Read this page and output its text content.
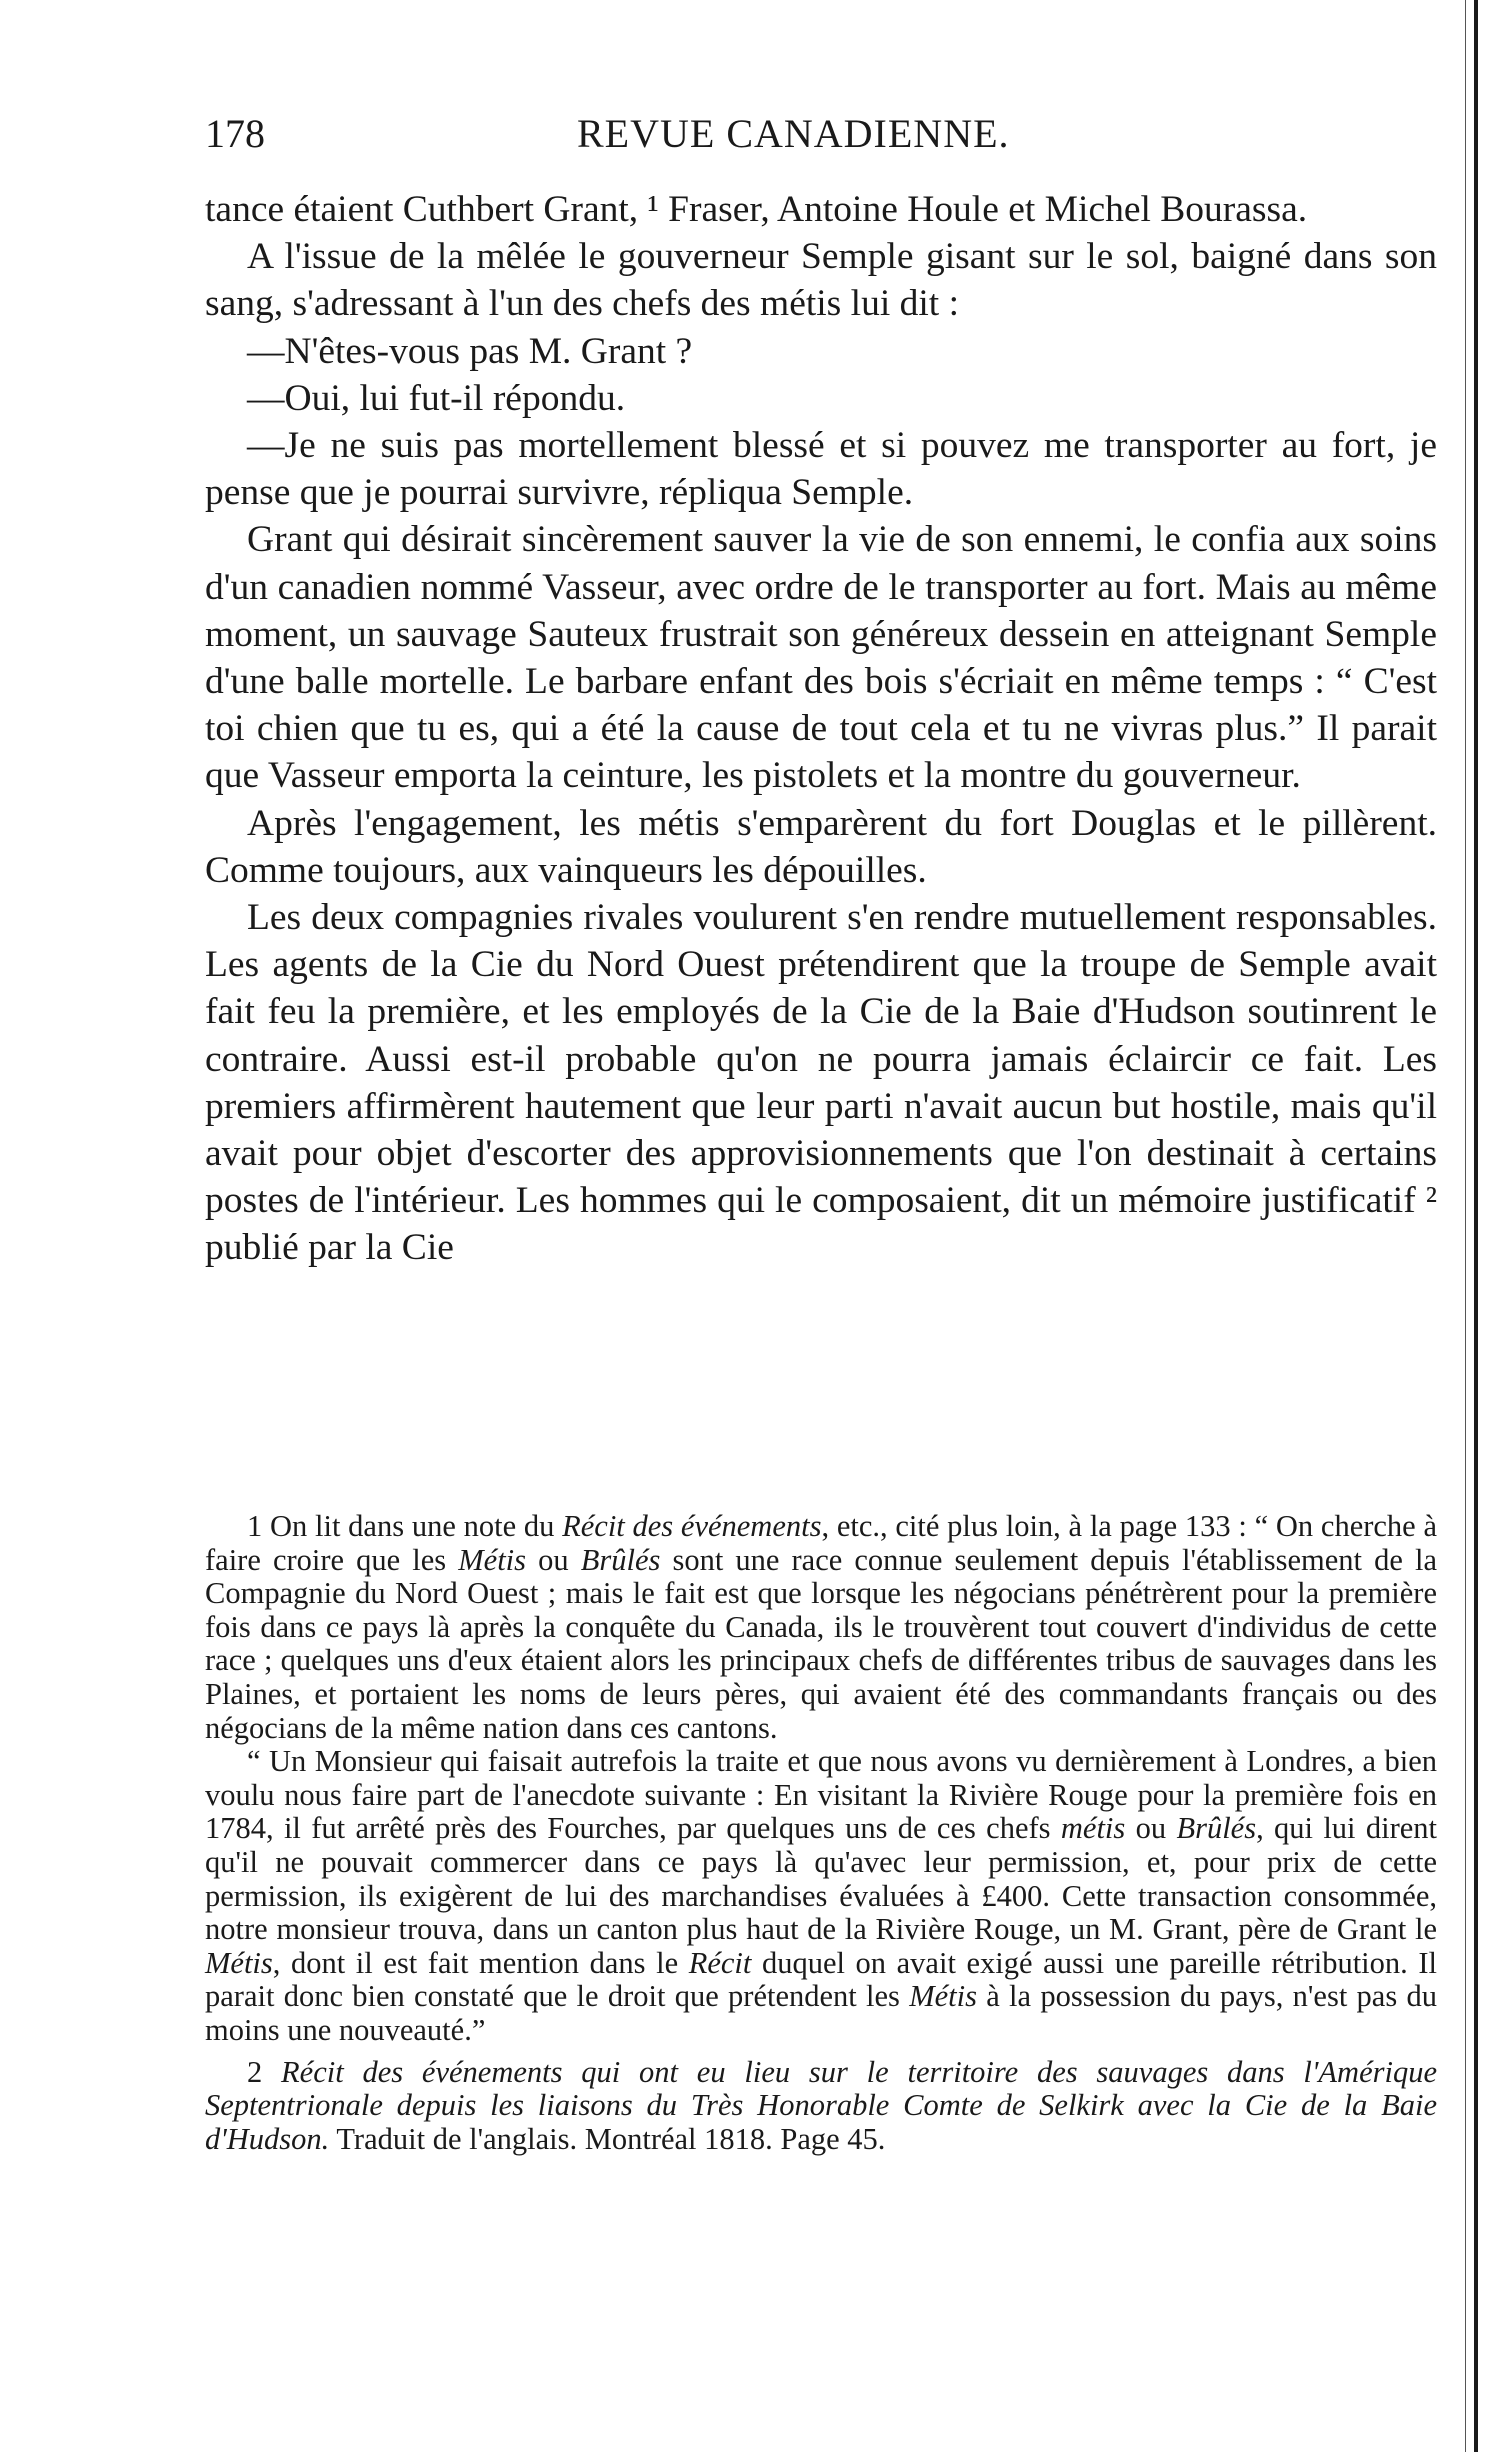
178	REVUE CANADIENNE.

tance étaient Cuthbert Grant, ¹ Fraser, Antoine Houle et Michel Bourassa.

A l'issue de la mêlée le gouverneur Semple gisant sur le sol, baigné dans son sang, s'adressant à l'un des chefs des métis lui dit :

—N'êtes-vous pas M. Grant ?

—Oui, lui fut-il répondu.

—Je ne suis pas mortellement blessé et si pouvez me transporter au fort, je pense que je pourrai survivre, répliqua Semple.

Grant qui désirait sincèrement sauver la vie de son ennemi, le confia aux soins d'un canadien nommé Vasseur, avec ordre de le transporter au fort. Mais au même moment, un sauvage Sauteux frustrait son généreux dessein en atteignant Semple d'une balle mortelle. Le barbare enfant des bois s'écriait en même temps : “ C'est toi chien que tu es, qui a été la cause de tout cela et tu ne vivras plus.” Il parait que Vasseur emporta la ceinture, les pistolets et la montre du gouverneur.

Après l'engagement, les métis s'emparèrent du fort Douglas et le pillèrent. Comme toujours, aux vainqueurs les dépouilles.

Les deux compagnies rivales voulurent s'en rendre mutuellement responsables. Les agents de la Cie du Nord Ouest prétendirent que la troupe de Semple avait fait feu la première, et les employés de la Cie de la Baie d'Hudson soutinrent le contraire. Aussi est-il probable qu'on ne pourra jamais éclaircir ce fait. Les premiers affirmèrent hautement que leur parti n'avait aucun but hostile, mais qu'il avait pour objet d'escorter des approvisionnements que l'on destinait à certains postes de l'intérieur. Les hommes qui le composaient, dit un mémoire justificatif ² publié par la Cie

1 On lit dans une note du Récit des événements, etc., cité plus loin, à la page 133 : “ On cherche à faire croire que les Métis ou Brûlés sont une race connue seulement depuis l'établissement de la Compagnie du Nord Ouest ; mais le fait est que lorsque les négocians pénétrèrent pour la première fois dans ce pays là après la conquête du Canada, ils le trouvèrent tout couvert d'individus de cette race ; quelques uns d'eux étaient alors les principaux chefs de différentes tribus de sauvages dans les Plaines, et portaient les noms de leurs pères, qui avaient été des commandants français ou des négocians de la même nation dans ces cantons.

“ Un Monsieur qui faisait autrefois la traite et que nous avons vu dernièrement à Londres, a bien voulu nous faire part de l'anecdote suivante : En visitant la Rivière Rouge pour la première fois en 1784, il fut arrêté près des Fourches, par quelques uns de ces chefs métis ou Brûlés, qui lui dirent qu'il ne pouvait commercer dans ce pays là qu'avec leur permission, et, pour prix de cette permission, ils exigèrent de lui des marchandises évaluées à £400. Cette transaction consommée, notre monsieur trouva, dans un canton plus haut de la Rivière Rouge, un M. Grant, père de Grant le Métis, dont il est fait mention dans le Récit duquel on avait exigé aussi une pareille rétribution. Il parait donc bien constaté que le droit que prétendent les Métis à la possession du pays, n'est pas du moins une nouveauté.”

2 Récit des événements qui ont eu lieu sur le territoire des sauvages dans l'Amérique Septentrionale depuis les liaisons du Très Honorable Comte de Selkirk avec la Cie de la Baie d'Hudson. Traduit de l'anglais. Montréal 1818. Page 45.
